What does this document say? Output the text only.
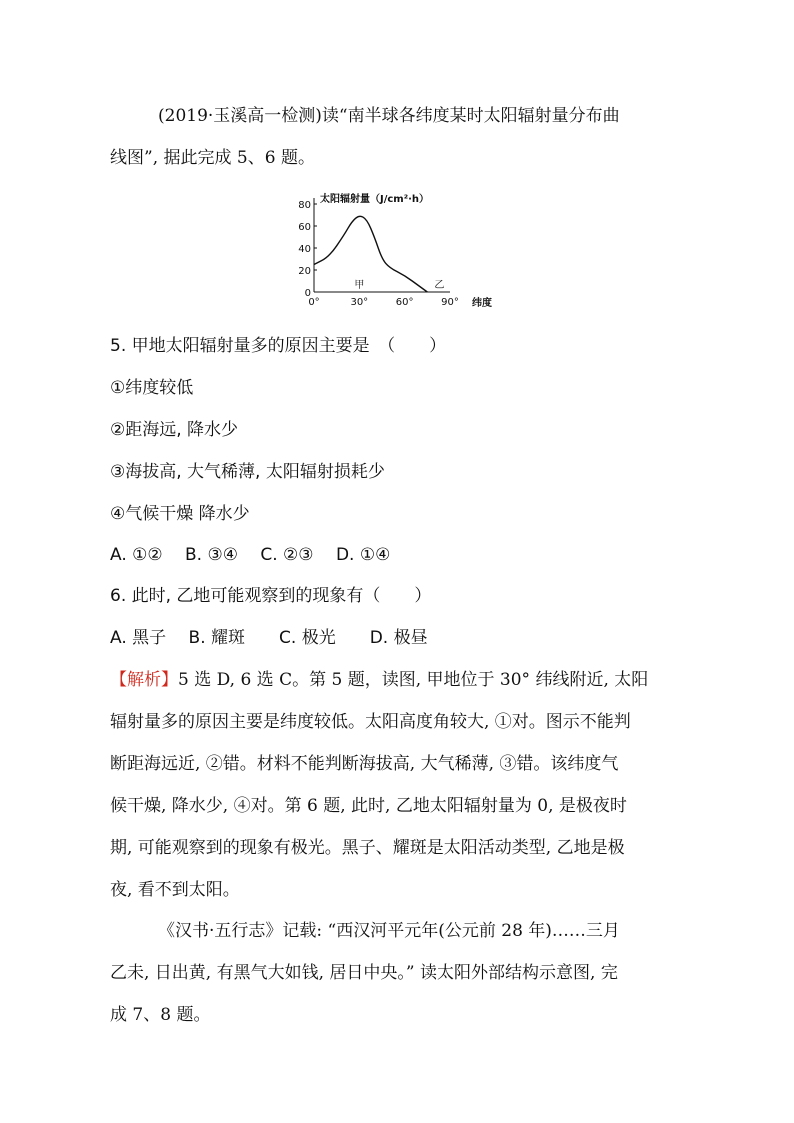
(2019·玉溪高一检测)读“南半球各纬度某时太阳辐射量分布曲
线图”, 据此完成 5、6 题。
太阳辐射量（J/cm²·h）
0
20
40
60
80
0°	30°	60°	90°
甲	乙
纬度
5. 甲地太阳辐射量多的原因主要是　（　　）
①纬度较低
②距海远, 降水少
③海拔高, 大气稀薄, 太阳辐射损耗少
④气候干燥 降水少
A. ①②　 B. ③④　 C. ②③　 D. ①④
6. 此时, 乙地可能观察到的现象有（　　）
A. 黑子　 B. 耀斑　　C. 极光　　D. 极昼
【解析】5 选 D, 6 选 C。第 5 题，读图, 甲地位于 30° 纬线附近, 太阳
辐射量多的原因主要是纬度较低。太阳高度角较大, ①对。图示不能判
断距海远近, ②错。材料不能判断海拔高, 大气稀薄, ③错。该纬度气
候干燥, 降水少, ④对。第 6 题, 此时, 乙地太阳辐射量为 0, 是极夜时
期, 可能观察到的现象有极光。黑子、耀斑是太阳活动类型, 乙地是极
夜, 看不到太阳。
《汉书·五行志》记载: “西汉河平元年(公元前 28 年)……三月
乙未, 日出黄, 有黑气大如钱, 居日中央。” 读太阳外部结构示意图, 完
成 7、8 题。
